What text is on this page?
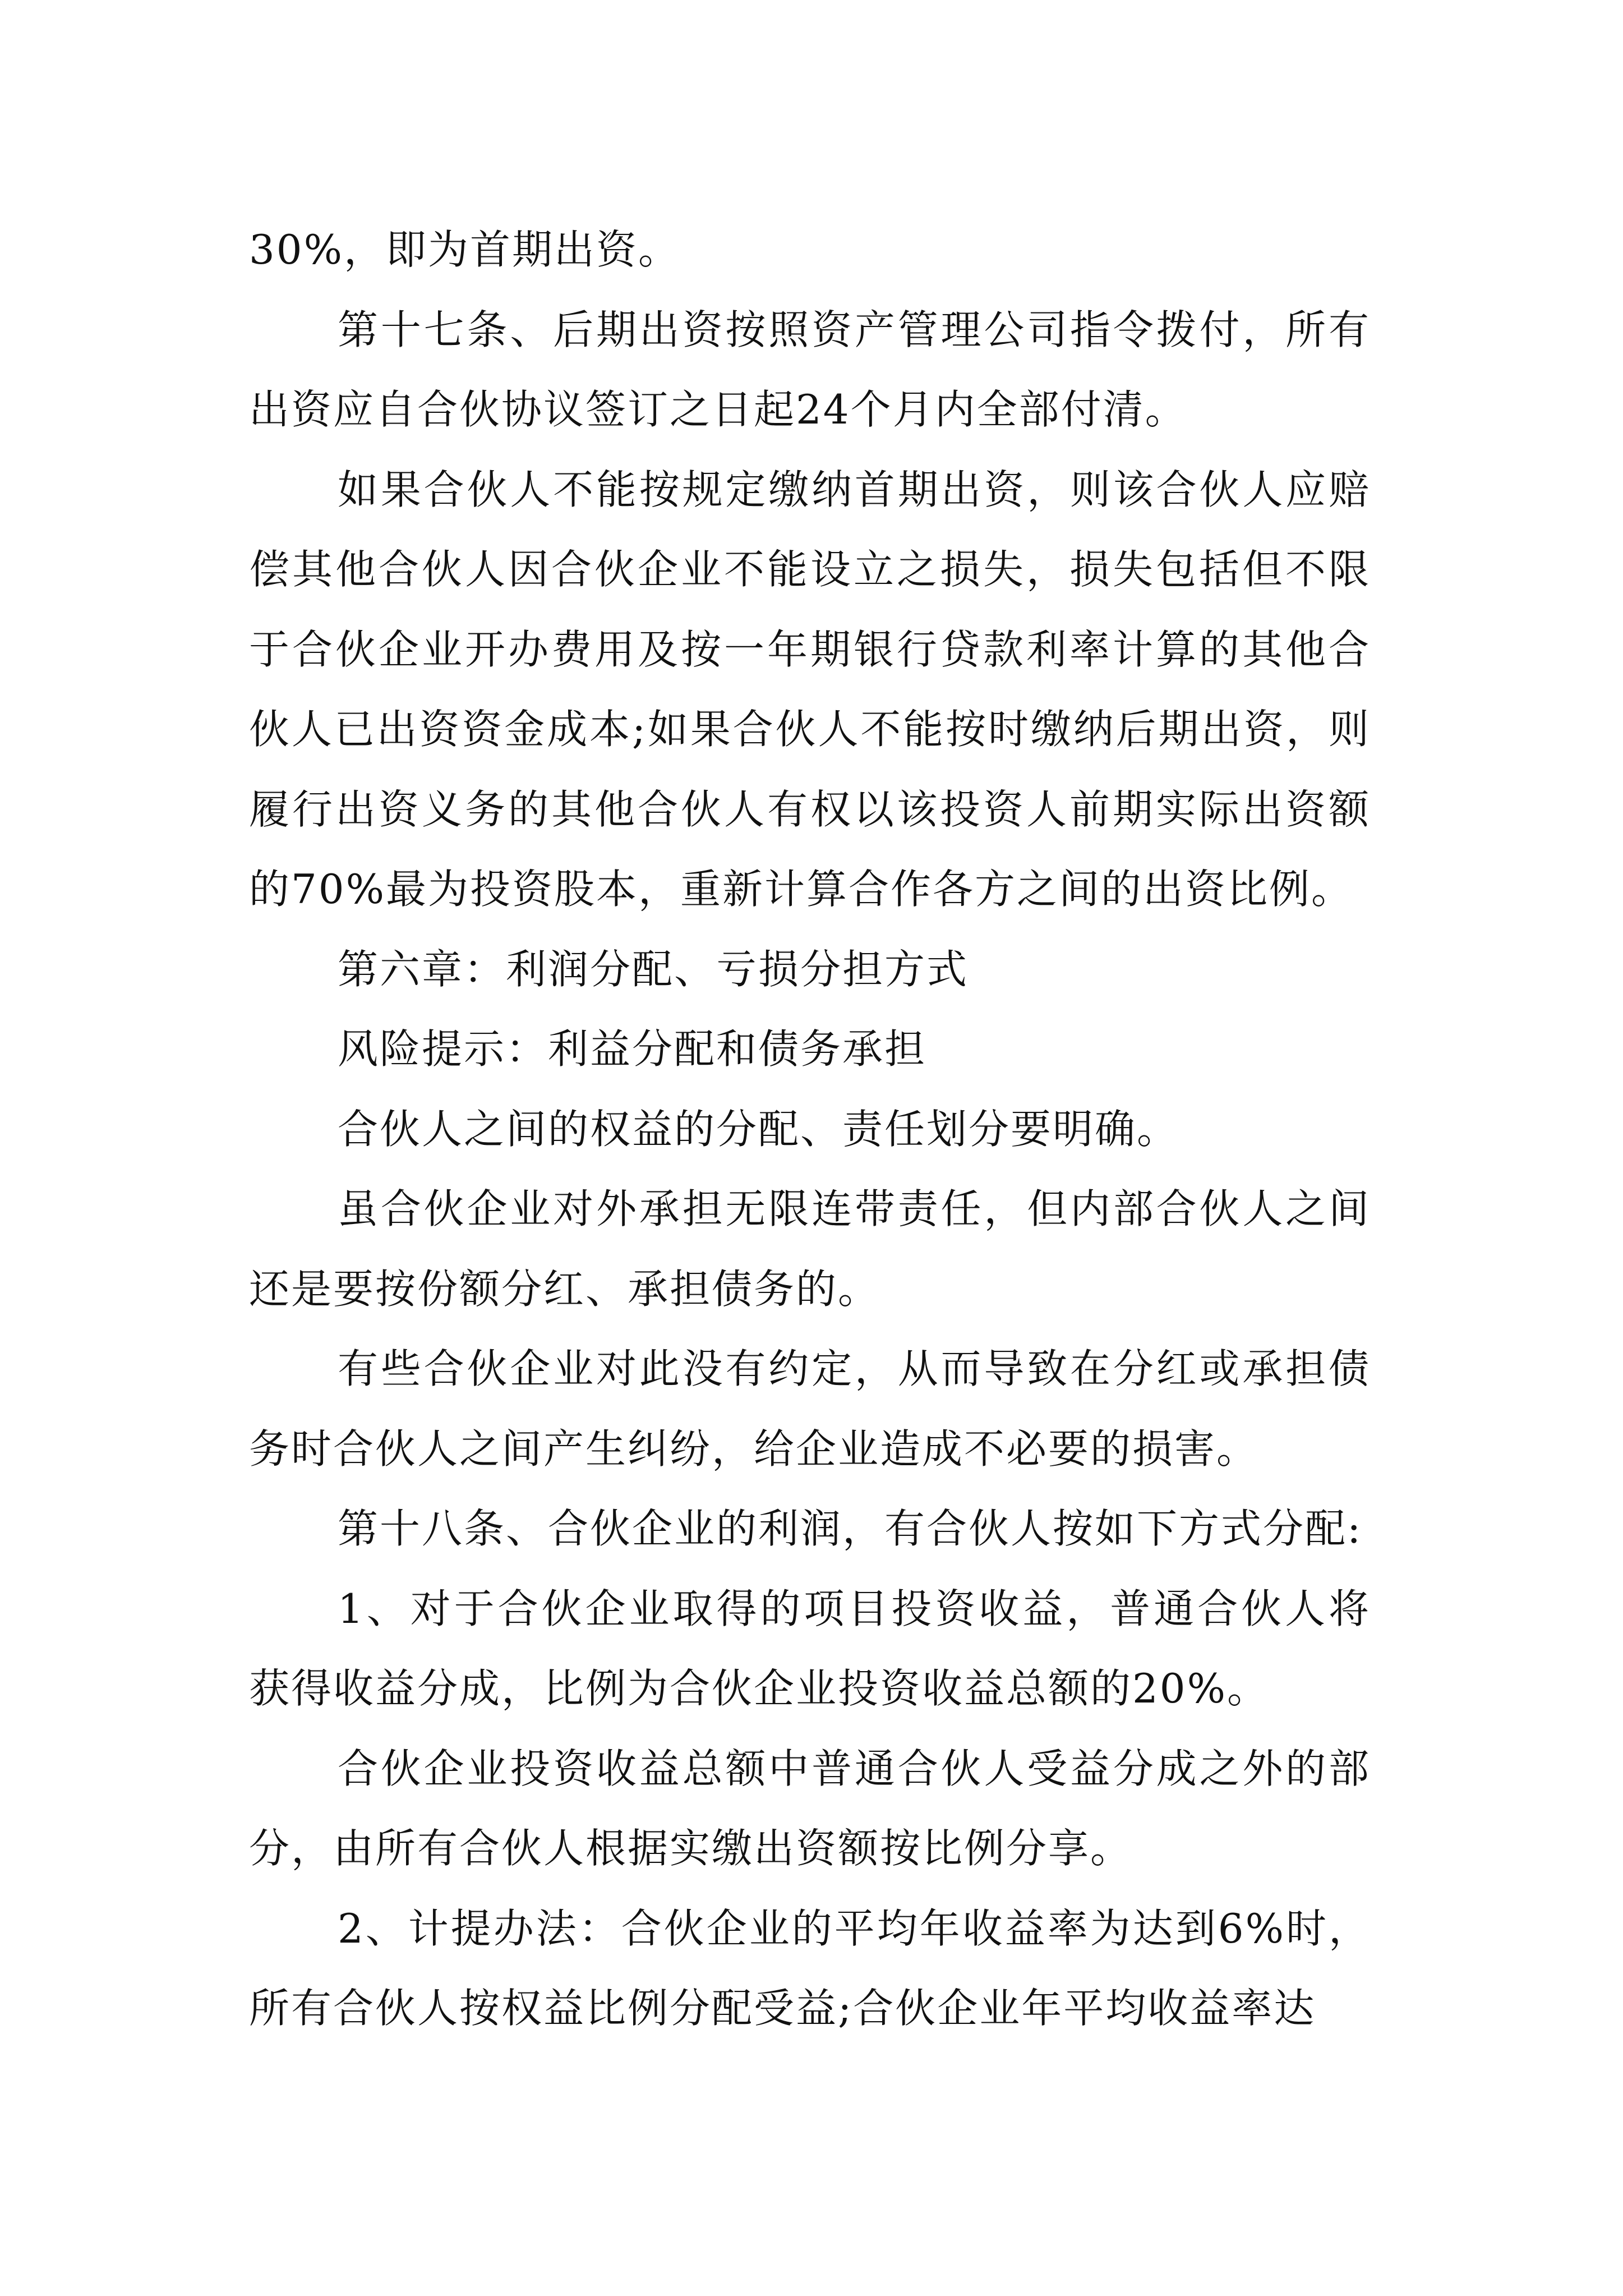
30%，即为首期出资。

第十七条、后期出资按照资产管理公司指令拨付，所有出资应自合伙协议签订之日起24个月内全部付清。

如果合伙人不能按规定缴纳首期出资，则该合伙人应赔偿其他合伙人因合伙企业不能设立之损失，损失包括但不限于合伙企业开办费用及按一年期银行贷款利率计算的其他合伙人已出资资金成本;如果合伙人不能按时缴纳后期出资，则履行出资义务的其他合伙人有权以该投资人前期实际出资额的70%最为投资股本，重新计算合作各方之间的出资比例。

第六章：利润分配、亏损分担方式

风险提示：利益分配和债务承担

合伙人之间的权益的分配、责任划分要明确。

虽合伙企业对外承担无限连带责任，但内部合伙人之间还是要按份额分红、承担债务的。

有些合伙企业对此没有约定，从而导致在分红或承担债务时合伙人之间产生纠纷，给企业造成不必要的损害。

第十八条、合伙企业的利润，有合伙人按如下方式分配:

1、对于合伙企业取得的项目投资收益，普通合伙人将获得收益分成，比例为合伙企业投资收益总额的20%。

合伙企业投资收益总额中普通合伙人受益分成之外的部分，由所有合伙人根据实缴出资额按比例分享。

2、计提办法：合伙企业的平均年收益率为达到6%时，所有合伙人按权益比例分配受益;合伙企业年平均收益率达
